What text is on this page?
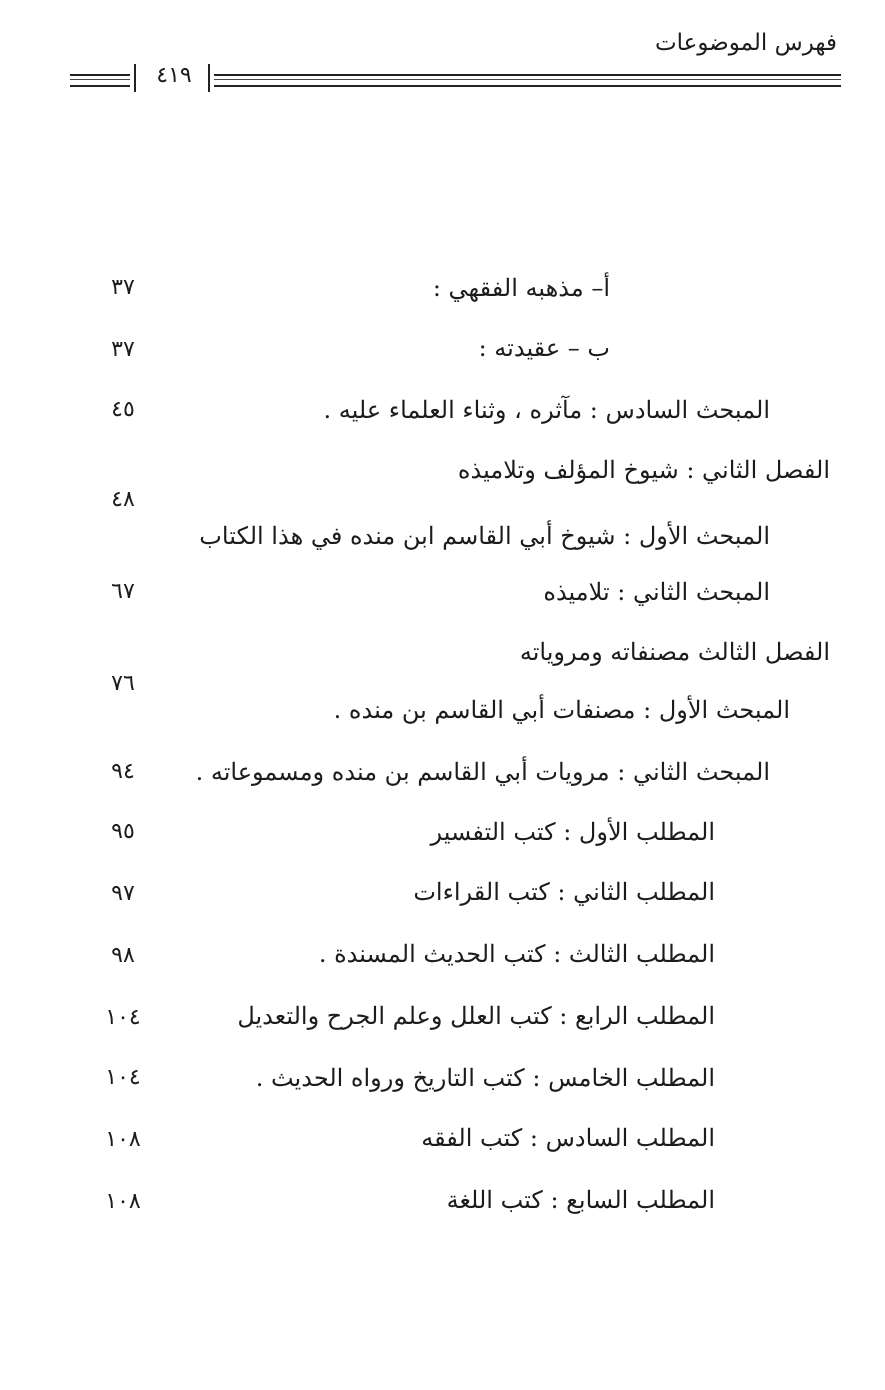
فهرس الموضوعات
٤١٩
أ– مذهبه الفقهي :
٣٧
ب – عقيدته :
٣٧
المبحث السادس : مآثره ، وثناء العلماء عليه .
٤٥
الفصل الثاني : شيوخ المؤلف وتلاميذه
المبحث الأول : شيوخ أبي القاسم ابن منده في هذا الكتاب
٤٨
المبحث الثاني : تلاميذه
٦٧
الفصل الثالث مصنفاته ومروياته
المبحث الأول : مصنفات أبي القاسم بن منده .
٧٦
المبحث الثاني : مرويات أبي القاسم بن منده ومسموعاته .
٩٤
المطلب الأول : كتب التفسير
٩٥
المطلب الثاني : كتب القراءات
٩٧
المطلب الثالث : كتب الحديث المسندة .
٩٨
المطلب الرابع : كتب العلل وعلم الجرح والتعديل
١٠٤
المطلب الخامس : كتب التاريخ ورواه الحديث .
١٠٤
المطلب السادس : كتب الفقه
١٠٨
المطلب السابع : كتب اللغة
١٠٨
